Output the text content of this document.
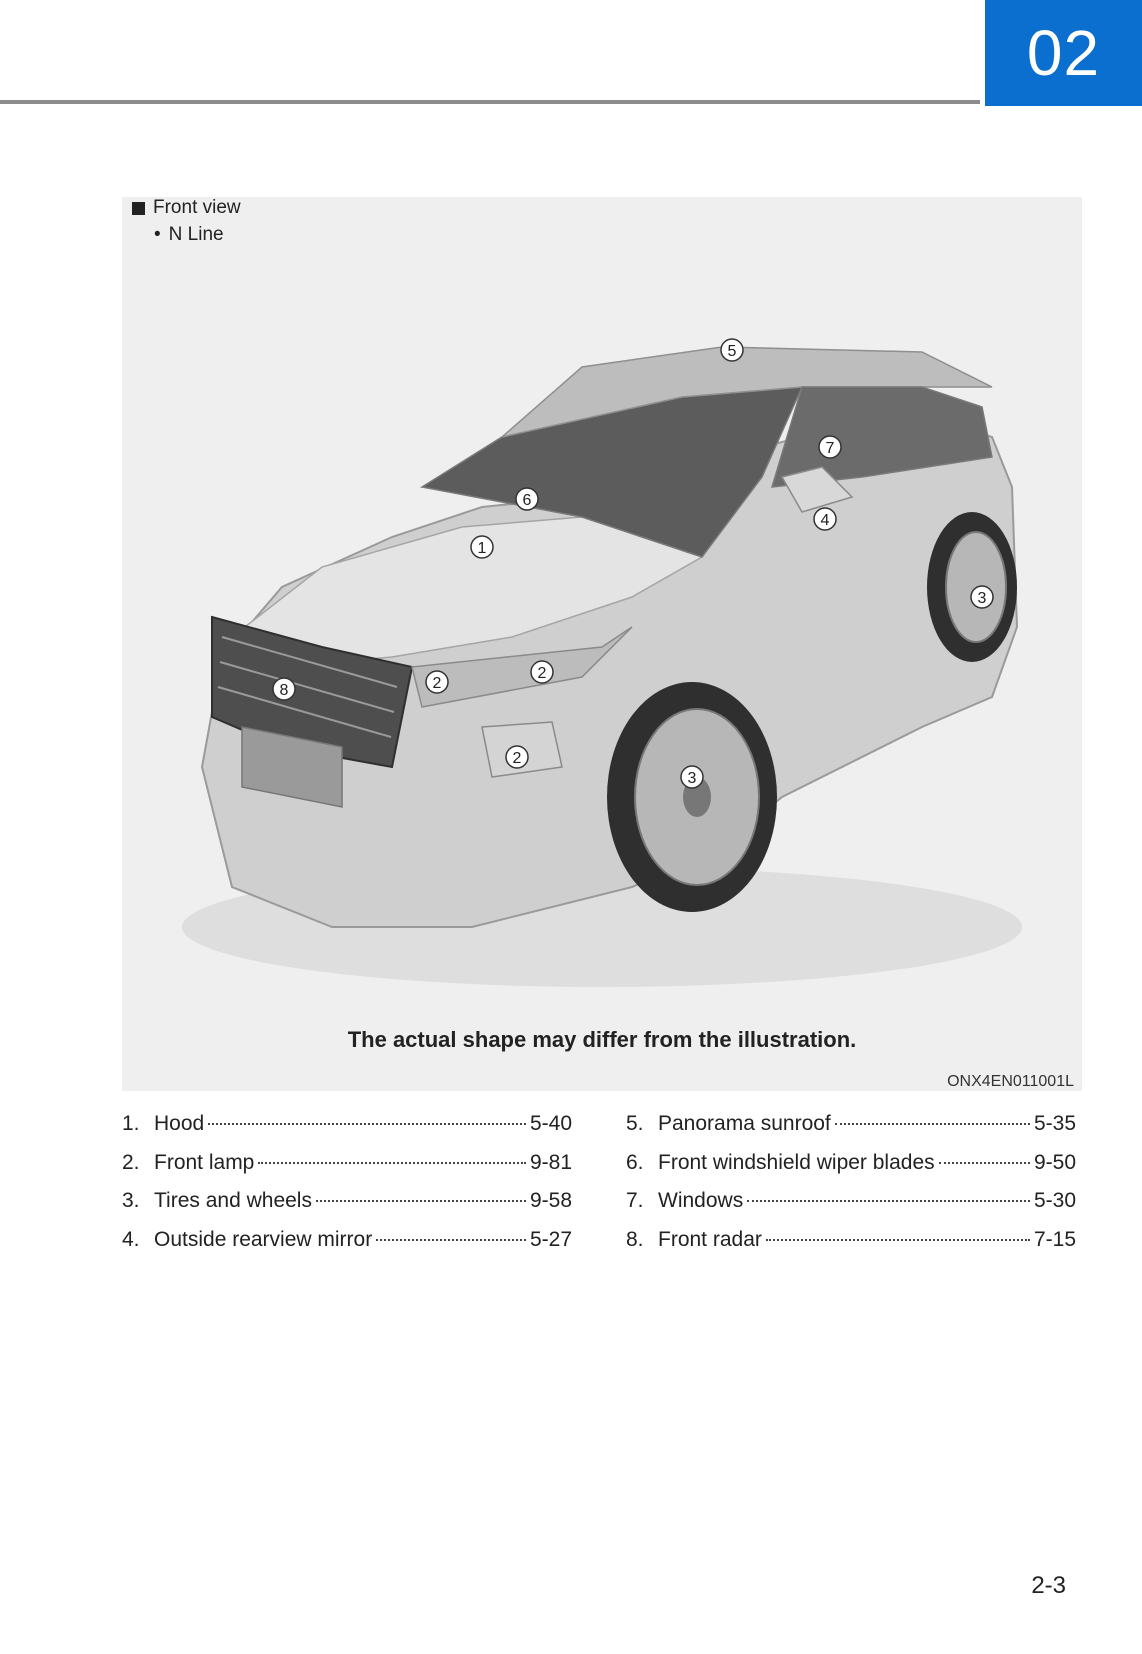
02
Front view
• N Line
1
2
2
2
3
3
4
5
6
7
8
The actual shape may differ from the illustration.
ONX4EN011001L
1. Hood	5-40
2. Front lamp	9-81
3. Tires and wheels	9-58
4. Outside rearview mirror	5-27
5. Panorama sunroof	5-35
6. Front windshield wiper blades	9-50
7. Windows	5-30
8. Front radar	7-15
2-3
